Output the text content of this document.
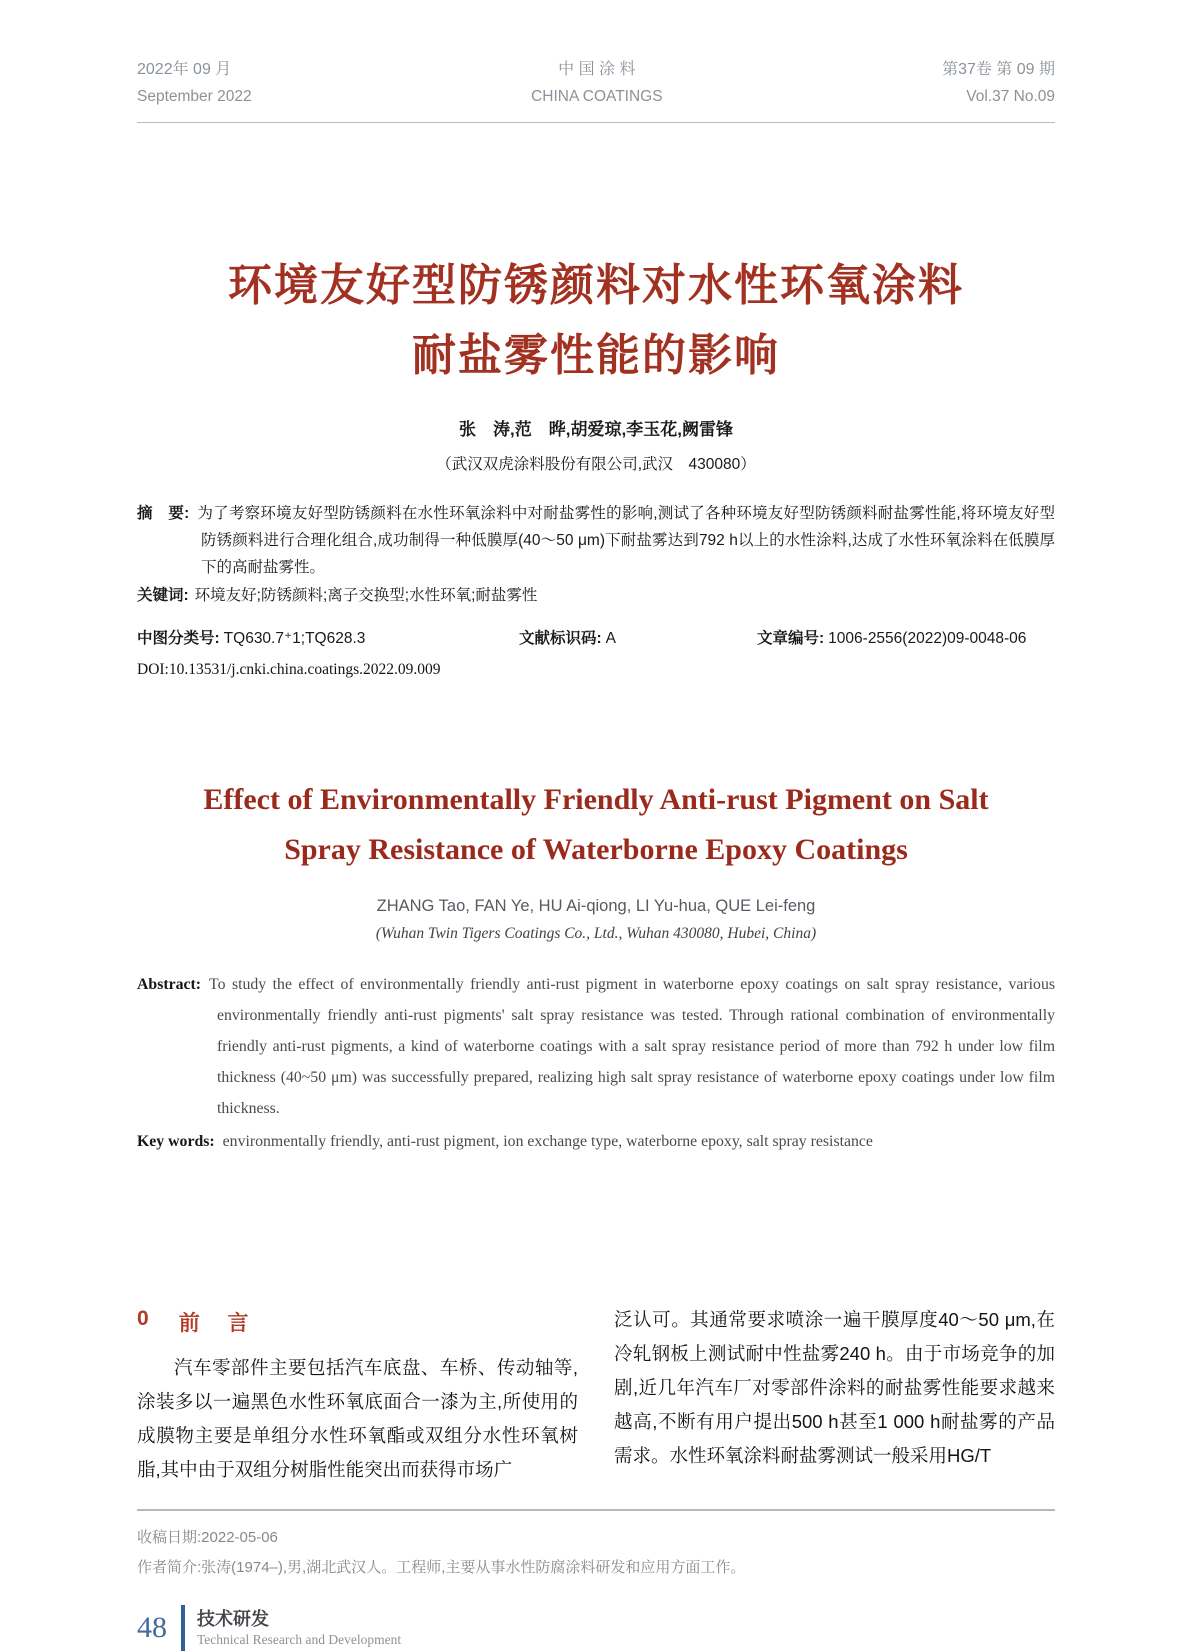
2022年 09 月
September 2022
中 国 涂 料
CHINA COATINGS
第37卷 第 09 期
Vol.37 No.09
环境友好型防锈颜料对水性环氧涂料
耐盐雾性能的影响
张　涛,范　晔,胡爱琼,李玉花,阙雷锋
（武汉双虎涂料股份有限公司,武汉　430080）

摘　要: 为了考察环境友好型防锈颜料在水性环氧涂料中对耐盐雾性的影响,测试了各种环境友好型防锈颜料耐盐雾性能,将环境友好型防锈颜料进行合理化组合,成功制得一种低膜厚(40～50 μm)下耐盐雾达到792 h以上的水性涂料,达成了水性环氧涂料在低膜厚下的高耐盐雾性。

关键词: 环境友好;防锈颜料;离子交换型;水性环氧;耐盐雾性

中图分类号: TQ630.7⁺1;TQ628.3	文献标识码: A	文章编号: 1006-2556(2022)09-0048-06
DOI:10.13531/j.cnki.china.coatings.2022.09.009
Effect of Environmentally Friendly Anti-rust Pigment on Salt
Spray Resistance of Waterborne Epoxy Coatings
ZHANG Tao, FAN Ye, HU Ai-qiong, LI Yu-hua, QUE Lei-feng
(Wuhan Twin Tigers Coatings Co., Ltd., Wuhan 430080, Hubei, China)

Abstract: To study the effect of environmentally friendly anti-rust pigment in waterborne epoxy coatings on salt spray resistance, various environmentally friendly anti-rust pigments' salt spray resistance was tested. Through rational combination of environmentally friendly anti-rust pigments, a kind of waterborne coatings with a salt spray resistance period of more than 792 h under low film thickness (40~50 μm) was successfully prepared, realizing high salt spray resistance of waterborne epoxy coatings under low film thickness.

Key words: environmentally friendly, anti-rust pigment, ion exchange type, waterborne epoxy, salt spray resistance

0 前 言

汽车零部件主要包括汽车底盘、车桥、传动轴等,涂装多以一遍黑色水性环氧底面合一漆为主,所使用的成膜物主要是单组分水性环氧酯或双组分水性环氧树脂,其中由于双组分树脂性能突出而获得市场广

泛认可。其通常要求喷涂一遍干膜厚度40～50 μm,在冷轧钢板上测试耐中性盐雾240 h。由于市场竞争的加剧,近几年汽车厂对零部件涂料的耐盐雾性能要求越来越高,不断有用户提出500 h甚至1 000 h耐盐雾的产品需求。水性环氧涂料耐盐雾测试一般采用HG/T

收稿日期:2022-05-06
作者简介:张涛(1974–),男,湖北武汉人。工程师,主要从事水性防腐涂料研发和应用方面工作。
48 技术研发
Technical Research and Development
